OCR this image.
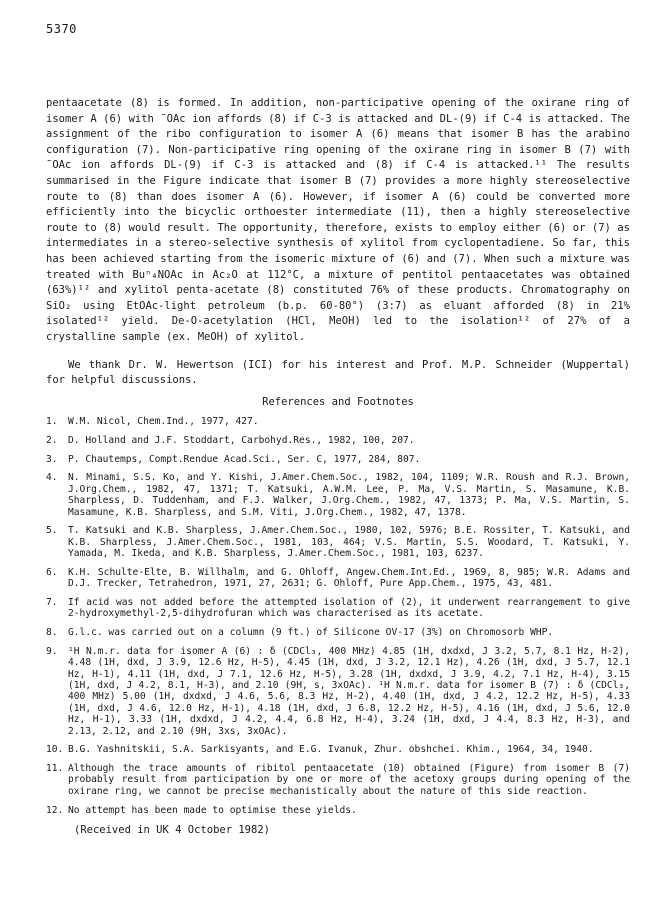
5370

pentaacetate (8) is formed. In addition, non-participative opening of the oxirane ring of isomer A (6) with ¯OAc ion affords (8) if C-3 is attacked and DL-(9) if C-4 is attacked. The assignment of the ribo configuration to isomer A (6) means that isomer B has the arabino configuration (7). Non-participative ring opening of the oxirane ring in isomer B (7) with ¯OAc ion affords DL-(9) if C-3 is attacked and (8) if C-4 is attacked.¹¹ The results summarised in the Figure indicate that isomer B (7) provides a more highly stereoselective route to (8) than does isomer A (6). However, if isomer A (6) could be converted more efficiently into the bicyclic orthoester intermediate (11), then a highly stereoselective route to (8) would result. The opportunity, therefore, exists to employ either (6) or (7) as intermediates in a stereo-selective synthesis of xylitol from cyclopentadiene. So far, this has been achieved starting from the isomeric mixture of (6) and (7). When such a mixture was treated with Buⁿ₄NOAc in Ac₂O at 112°C, a mixture of pentitol pentaacetates was obtained (63%)¹² and xylitol penta-acetate (8) constituted 76% of these products. Chromatography on SiO₂ using EtOAc-light petroleum (b.p. 60-80°) (3:7) as eluant afforded (8) in 21% isolated¹² yield. De-O-acetylation (HCl, MeOH) led to the isolation¹² of 27% of a crystalline sample (ex. MeOH) of xylitol.

We thank Dr. W. Hewertson (ICI) for his interest and Prof. M.P. Schneider (Wuppertal) for helpful discussions.

References and Footnotes
1.	W.M. Nicol, Chem.Ind., 1977, 427.
2.	D. Holland and J.F. Stoddart, Carbohyd.Res., 1982, 100, 207.
3.	P. Chautemps, Compt.Rendue Acad.Sci., Ser. C, 1977, 284, 807.
4.	N. Minami, S.S. Ko, and Y. Kishi, J.Amer.Chem.Soc., 1982, 104, 1109; W.R. Roush and R.J. Brown, J.Org.Chem., 1982, 47, 1371; T. Katsuki, A.W.M. Lee, P. Ma, V.S. Martin, S. Masamune, K.B. Sharpless, D. Tuddenham, and F.J. Walker, J.Org.Chem., 1982, 47, 1373; P. Ma, V.S. Martin, S. Masamune, K.B. Sharpless, and S.M. Viti, J.Org.Chem., 1982, 47, 1378.
5.	T. Katsuki and K.B. Sharpless, J.Amer.Chem.Soc., 1980, 102, 5976; B.E. Rossiter, T. Katsuki, and K.B. Sharpless, J.Amer.Chem.Soc., 1981, 103, 464; V.S. Martin, S.S. Woodard, T. Katsuki, Y. Yamada, M. Ikeda, and K.B. Sharpless, J.Amer.Chem.Soc., 1981, 103, 6237.
6.	K.H. Schulte-Elte, B. Willhalm, and G. Ohloff, Angew.Chem.Int.Ed., 1969, 8, 985; W.R. Adams and D.J. Trecker, Tetrahedron, 1971, 27, 2631; G. Ohloff, Pure App.Chem., 1975, 43, 481.
7.	If acid was not added before the attempted isolation of (2), it underwent rearrangement to give 2-hydroxymethyl-2,5-dihydrofuran which was characterised as its acetate.
8.	G.l.c. was carried out on a column (9 ft.) of Silicone OV-17 (3%) on Chromosorb WHP.
9.	¹H N.m.r. data for isomer A (6) : δ (CDCl₃, 400 MHz) 4.85 (1H, dxdxd, J 3.2, 5.7, 8.1 Hz, H-2), 4.48 (1H, dxd, J 3.9, 12.6 Hz, H-5), 4.45 (1H, dxd, J 3.2, 12.1 Hz), 4.26 (1H, dxd, J 5.7, 12.1 Hz, H-1), 4.11 (1H, dxd, J 7.1, 12.6 Hz, H-5), 3.28 (1H, dxdxd, J 3.9, 4.2, 7.1 Hz, H-4), 3.15 (1H, dxd, J 4.2, 8.1, H-3), and 2.10 (9H, s, 3xOAc). ¹H N.m.r. data for isomer B (7) : δ (CDCl₃, 400 MHz) 5.00 (1H, dxdxd, J 4.6, 5.6, 8.3 Hz, H-2), 4.40 (1H, dxd, J 4.2, 12.2 Hz, H-5), 4.33 (1H, dxd, J 4.6, 12.0 Hz, H-1), 4.18 (1H, dxd, J 6.8, 12.2 Hz, H-5), 4.16 (1H, dxd, J 5.6, 12.0 Hz, H-1), 3.33 (1H, dxdxd, J 4.2, 4.4, 6.8 Hz, H-4), 3.24 (1H, dxd, J 4.4, 8.3 Hz, H-3), and 2.13, 2.12, and 2.10 (9H, 3xs, 3xOAc).
10. B.G. Yashnitskii, S.A. Sarkisyants, and E.G. Ivanuk, Zhur. obshchei. Khim., 1964, 34, 1940.
11. Although the trace amounts of ribitol pentaacetate (10) obtained (Figure) from isomer B (7) probably result from participation by one or more of the acetoxy groups during opening of the oxirane ring, we cannot be precise mechanistically about the nature of this side reaction.
12. No attempt has been made to optimise these yields.
(Received in UK 4 October 1982)
